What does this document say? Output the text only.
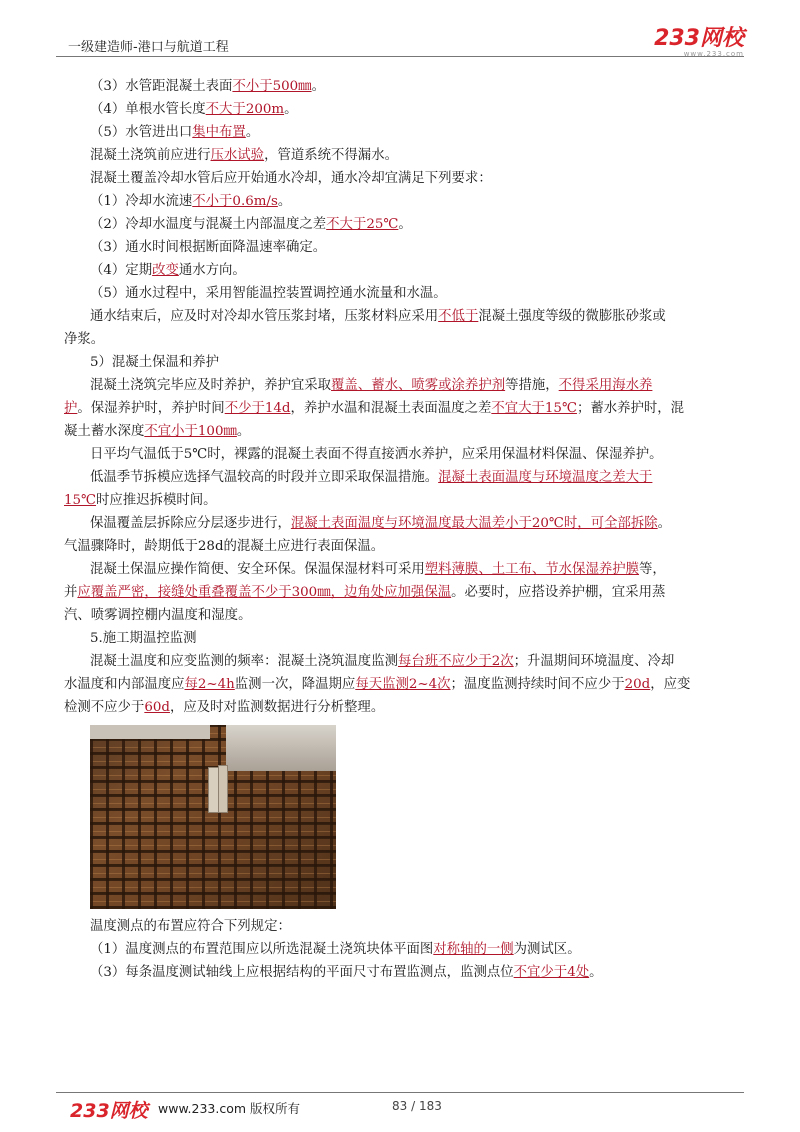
一级建造师-港口与航道工程	233网校
www.233.com
（3）水管距混凝土表面不小于500㎜。
（4）单根水管长度不大于200m。
（5）水管进出口集中布置。
混凝土浇筑前应进行压水试验，管道系统不得漏水。
混凝土覆盖冷却水管后应开始通水冷却，通水冷却宜满足下列要求：
（1）冷却水流速不小于0.6m/s。
（2）冷却水温度与混凝土内部温度之差不大于25℃。
（3）通水时间根据断面降温速率确定。
（4）定期改变通水方向。
（5）通水过程中，采用智能温控装置调控通水流量和水温。
通水结束后，应及时对冷却水管压浆封堵，压浆材料应采用不低于混凝土强度等级的微膨胀砂浆或
净浆。
5）混凝土保温和养护
混凝土浇筑完毕应及时养护，养护宜采取覆盖、蓄水、喷雾或涂养护剂等措施，不得采用海水养
护。保湿养护时，养护时间不少于14d，养护水温和混凝土表面温度之差不宜大于15℃；蓄水养护时，混
凝土蓄水深度不宜小于100㎜。
日平均气温低于5℃时，裸露的混凝土表面不得直接洒水养护，应采用保温材料保温、保湿养护。
低温季节拆模应选择气温较高的时段并立即采取保温措施。混凝土表面温度与环境温度之差大于
15℃时应推迟拆模时间。
保温覆盖层拆除应分层逐步进行，混凝土表面温度与环境温度最大温差小于20℃时，可全部拆除。
气温骤降时，龄期低于28d的混凝土应进行表面保温。
混凝土保温应操作简便、安全环保。保温保湿材料可采用塑料薄膜、土工布、节水保湿养护膜等，
并应覆盖严密，接缝处重叠覆盖不少于300㎜，边角处应加强保温。必要时，应搭设养护棚，宜采用蒸
汽、喷雾调控棚内温度和湿度。
5.施工期温控监测
混凝土温度和应变监测的频率：混凝土浇筑温度监测每台班不应少于2次；升温期间环境温度、冷却
水温度和内部温度应每2~4h监测一次，降温期应每天监测2~4次；温度监测持续时间不应少于20d，应变
检测不应少于60d，应及时对监测数据进行分析整理。
温度测点的布置应符合下列规定：
（1）温度测点的布置范围应以所选混凝土浇筑块体平面图对称轴的一侧为测试区。
（3）每条温度测试轴线上应根据结构的平面尺寸布置监测点，监测点位不宜少于4处。
233网校 www.233.com 版权所有	83 / 183
